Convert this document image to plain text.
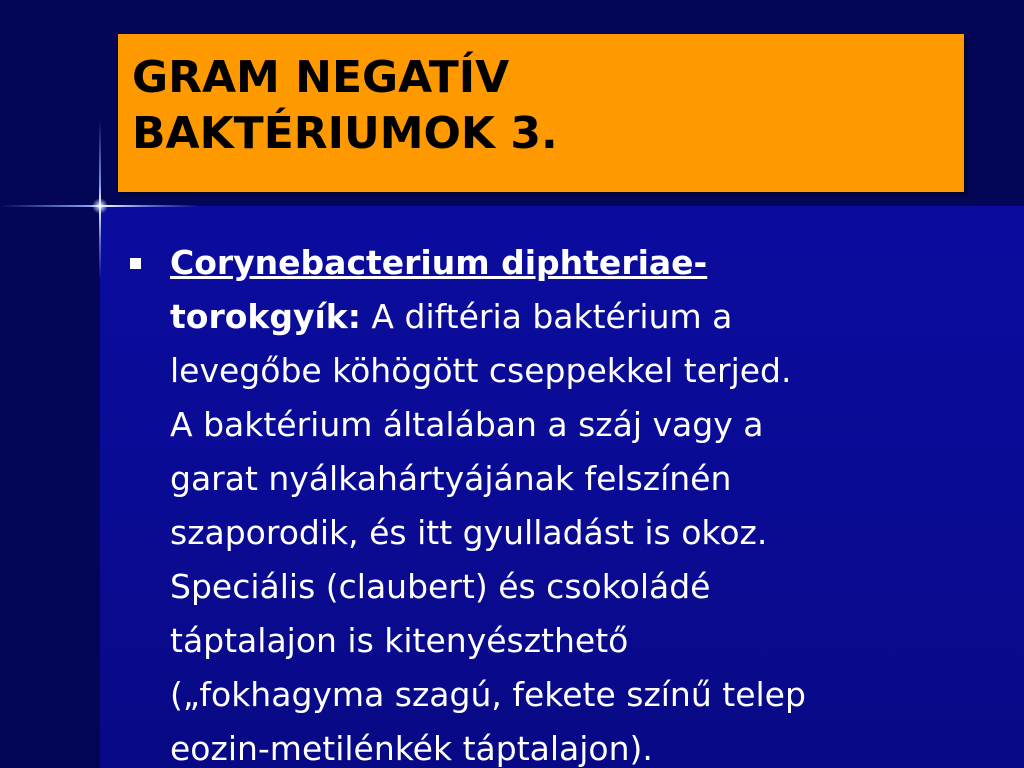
GRAM NEGATÍV
BAKTÉRIUMOK 3.

Corynebacterium diphteriae-
torokgyík: A diftéria baktérium a
levegőbe köhögött cseppekkel terjed.
A baktérium általában a száj vagy a
garat nyálkahártyájának felszínén
szaporodik, és itt gyulladást is okoz.
Speciális (claubert) és csokoládé
táptalajon is kitenyészthető
(„fokhagyma szagú, fekete színű telep
eozin-metilénkék táptalajon).
